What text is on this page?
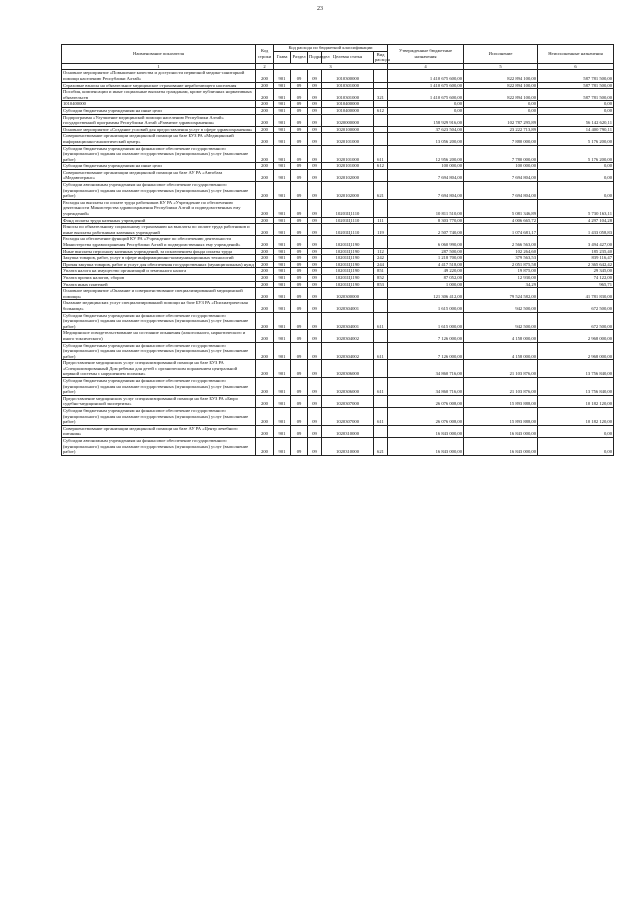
23
Наименование показателя	Код строки	Код расхода по бюджетной классификации					Утвержденные бюджетные назначения	Исполнение	Неисполненные назначения
		Глава	Раздел	Подраздел	Целевая статья	Вид расхода			
1	2	3					4	5	6
Основное мероприятие «Повышение качества и доступности первичной медико-санитарной помощи населению Республики Алтай»	200	901	09	09	1010300000		1 410 675 600,00	822 894 100,00	587 781 500,00
Страховые взносы на обязательное медицинское страхование неработающего населения	200	901	09	09	1010301000		1 410 675 600,00	822 894 100,00	587 781 500,00
Пособия, компенсации и иные социальные выплаты гражданам, кроме публичных нормативных обязательств	200	901	09	09	1010301000	321	1 410 675 600,00	822 894 100,00	587 781 500,00
1010400000	200	901	09	09	1010400000		0,00	0,00	0,00
Субсидии бюджетным учреждениям на иные цели	200	901	09	09	1010400000	612	0,00	0,00	0,00
Подпрограмма «Улучшение медицинской помощи населению Республики Алтай» государственной программы Республики Алтай «Развитие здравоохранения»	200	901	09	09	1020000000		158 929 916,00	102 787 295,89	56 142 620,11
Основное мероприятие «Создание условий для предоставления услуг в сфере здравоохранения»	200	901	09	09	1020100000		37 623 504,00	23 222 713,89	14 400 790,11
Совершенствование организации медицинской помощи на базе БУЗ РА «Медицинский информационно-аналитический центр»	200	901	09	09	1020101000		13 056 200,00	7 880 000,00	5 176 200,00
Субсидии бюджетным учреждениям на финансовое обеспечение государственного (муниципального) задания на оказание государственных (муниципальных) услуг (выполнение работ)	200	901	09	09	1020101000	611	12 956 200,00	7 780 000,00	5 176 200,00
Субсидии бюджетным учреждениям на иные цели	200	901	09	09	1020101000	612	100 000,00	100 000,00	0,00
Совершенствование организации медицинской помощи на базе АУ РА «Автобаза «Медавтотранс»	200	901	09	09	1020102000		7 694 804,00	7 694 804,00	0,00
Субсидии автономным учреждениям на финансовое обеспечение государственного (муниципального) задания на оказание государственных (муниципальных) услуг (выполнение работ)	200	901	09	09	1020102000	621	7 694 804,00	7 694 804,00	0,00
Расходы на выплаты по оплате труда работников КУ РА «Учреждение по обеспечению деятельности Министерства здравоохранения Республики Алтай и подведомственных ему учреждений»	200	901	09	09	10201Ц1110		10 811 510,00	5 081 346,89	5 730 163,11
Фонд оплаты труда казенных учреждений	200	901	09	09	10201Ц1110	111	8 303 770,00	4 006 665,72	4 297 104,28
Взносы по обязательному социальному страхованию на выплаты по оплате труда работников и иные выплаты работникам казенных учреждений	200	901	09	09	10201Ц1110	119	2 507 740,00	1 074 681,17	1 433 058,83
Расходы на обеспечение функций КУ РА «Учреждение по обеспечению деятельности Министерства здравоохранения Республики Алтай и подведомственных ему учреждений»	200	901	09	09	10201Ц1190		6 060 990,00	2 566 563,00	3 494 427,00
Иные выплаты персоналу казенных учреждений, за исключением фонда оплаты труда	200	901	09	09	10201Ц1190	112	287 500,00	102 264,60	185 235,40
Закупка товаров, работ, услуг в сфере информационно-коммуникационных технологий	200	901	09	09	10201Ц1190	242	1 218 700,00	379 563,53	839 116,47
Прочая закупка товаров, работ и услуг для обеспечения государственных (муниципальных) нужд	200	901	09	09	10201Ц1190	244	4 417 518,00	2 051 875,58	2 365 642,42
Уплата налога на имущество организаций и земельного налога	200	901	09	09	10201Ц1190	851	49 220,00	19 875,00	29 345,00
Уплата прочих налогов, сборов	200	901	09	09	10201Ц1190	852	87 052,00	12 930,00	74 122,00
Уплата иных платежей	200	901	09	09	10201Ц1190	853	1 000,00	34,29	965,71
Основное мероприятие «Оказание и совершенствование специализированной медицинской помощи»	200	901	09	09	1020300000		121 306 412,00	79 524 582,00	41 781 830,00
Оказание медицинских услуг специализированной помощи на базе БУЗ РА «Психиатрическая больница»	200	901	09	09	1020304001		1 615 000,00	942 500,00	672 500,00
Субсидии бюджетным учреждениям на финансовое обеспечение государственного (муниципального) задания на оказание государственных (муниципальных) услуг (выполнение работ)	200	901	09	09	1020304001	611	1 615 000,00	942 500,00	672 500,00
Медицинское освидетельствование на состояние опьянения (алкогольного, наркотического и иного токсического)	200	901	09	09	1020304002		7 126 000,00	4 158 000,00	2 968 000,00
Субсидии бюджетным учреждениям на финансовое обеспечение государственного (муниципального) задания на оказание государственных (муниципальных) услуг (выполнение работ)	200	901	09	09	1020304002	611	7 126 000,00	4 158 000,00	2 968 000,00
Предоставление медицинских услуг специализированной помощи на базе БУЗ РА «Специализированный Дом ребенка для детей с органическим поражением центральной нервной системы с нарушением психики»	200	901	09	09	1020306000		34 860 716,00	21 103 876,00	13 756 840,00
Субсидии бюджетным учреждениям на финансовое обеспечение государственного (муниципального) задания на оказание государственных (муниципальных) услуг (выполнение работ)	200	901	09	09	1020306000	611	34 860 716,00	21 103 876,00	13 756 840,00
Предоставление медицинских услуг специализированной помощи на базе БУЗ РА «Бюро судебно-медицинской экспертизы»	200	901	09	09	1020307000		26 076 008,00	15 893 888,00	10 182 120,00
Субсидии бюджетным учреждениям на финансовое обеспечение государственного (муниципального) задания на оказание государственных (муниципальных) услуг (выполнение работ)	200	901	09	09	1020307000	611	26 076 008,00	15 893 888,00	10 182 120,00
Совершенствование организации медицинской помощи на базе АУ РА «Центр лечебного питания»	200	901	09	09	1020310000		16 843 000,00	16 843 000,00	0,00
Субсидии автономным учреждениям на финансовое обеспечение государственного (муниципального) задания на оказание государственных (муниципальных) услуг (выполнение работ)	200	901	09	09	1020310000	621	16 843 000,00	16 843 000,00	0,00
